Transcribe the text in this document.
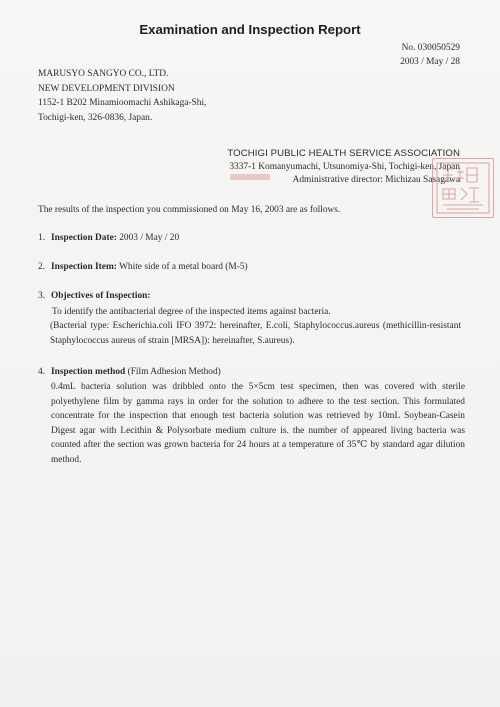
Examination and Inspection Report
No. 030050529
2003 / May / 28
MARUSYO SANGYO CO., LTD.
NEW DEVELOPMENT DIVISION
1152-1 B202 Minamioomachi Ashikaga-Shi,
Tochigi-ken, 326-0836, Japan.
TOCHIGI PUBLIC HEALTH SERVICE ASSOCIATION
3337-1 Komanyumachi, Utsunomiya-Shi, Tochigi-ken, Japan
Administrative director: Michizau Sasagawa
The results of the inspection you commissioned on May 16, 2003 are as follows.
1. Inspection Date: 2003 / May / 20
2. Inspection Item: White side of a metal board (M-5)
3. Objectives of Inspection:
To identify the antibacterial degree of the inspected items against bacteria.
(Bacterial type: Escherichia.coli IFO 3972: hereinafter, E.coli, Staphylococcus.aureus (methicillin-resistant Staphylococcus aureus of strain [MRSA]): hereinafter, S.aureus).
4. Inspection method (Film Adhesion Method)
0.4mL bacteria solution was dribbled onto the 5×5cm test specimen, then was covered with sterile polyethylene film by gamma rays in order for the solution to adhere to the test section. This formulated concentrate for the inspection that enough test bacteria solution was retrieved by 10mL Soybean-Casein Digest agar with Lecithin & Polysorbate medium culture is. the number of appeared living bacteria was counted after the section was grown bacteria for 24 hours at a temperature of 35℃ by standard agar dilution method.
